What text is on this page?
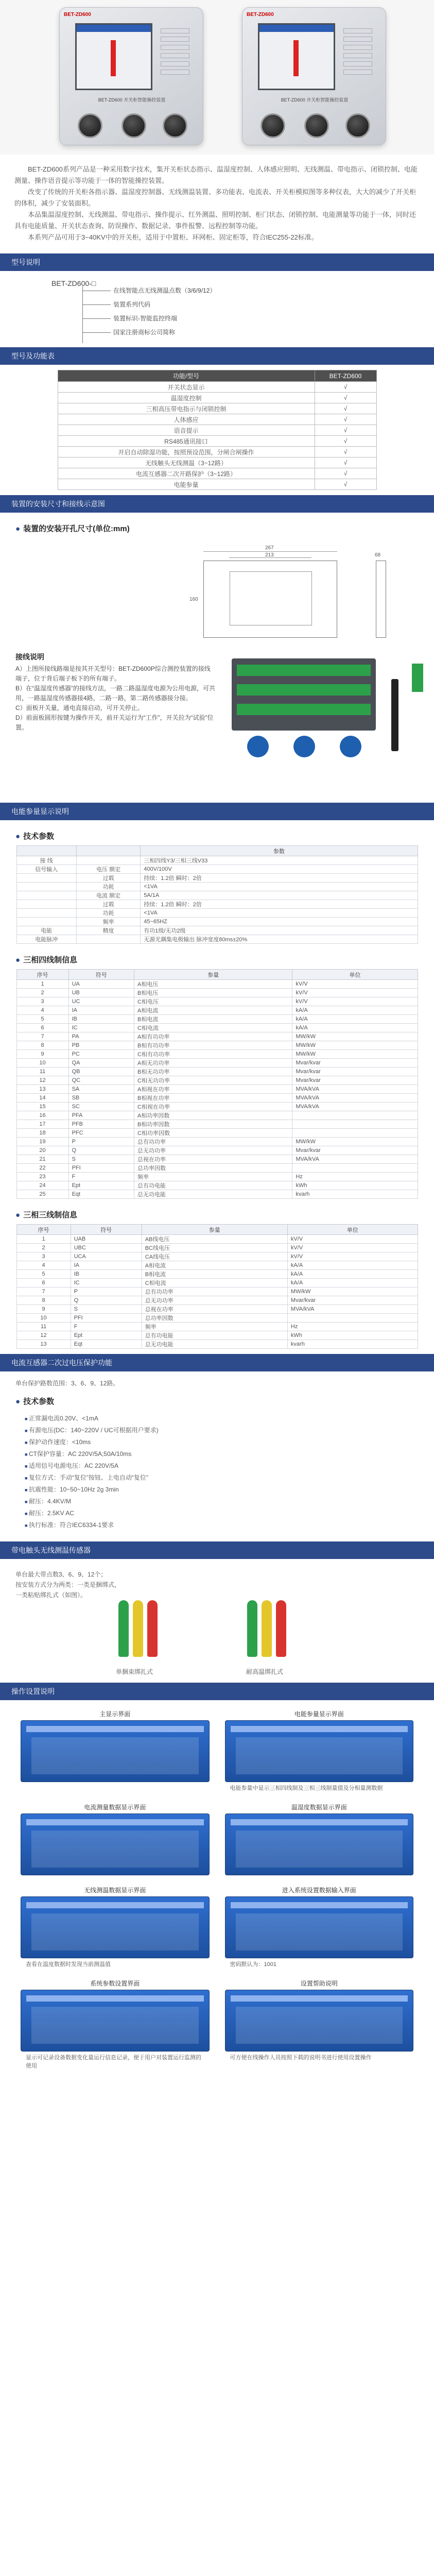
BET-ZD600
BET-ZD600 开关柜智能操控装置
BET-ZD600
BET-ZD600 开关柜智能操控装置

BET-ZD600系列产品是一种采用数字技术，集开关柜状态指示、温湿度控制、人体感应照明、无线测温、带电指示、闭锁控制、电能测量、操作语音提示等功能于一体的智能操控装置。

改变了传统的开关柜各指示器、温湿度控制器、无线测温装置、多功能表、电流表、开关柜模拟图等多种仪表，大大的减少了开关柜的体积，减少了安装面积。

本品集温湿度控制、无线测温、带电指示、操作提示、红外测温、照明控制、柜门状态、闭锁控制、电能测量等功能于一体，同时还具有电能质量、开关状态查询、防误操作、数据记录、事件报警、远程控制等功能。

本系列产品可用于3~40KV中的开关柜，适用于中置柜、环网柜、固定柜等，符合IEC255-22标准。

型号说明
BET-ZD600-□
在线智能点无线测温点数（3/6/9/12）
装置系列代码
装置标识-智能监控终端
国家注册商标公司简称
型号及功能表
功能/型号	BET-ZD600
开关状态显示	√
温湿度控制	√
三相高压带电指示与闭锁控制	√
人体感应	√
语音提示	√
RS485通讯接口	√
开启自动除湿功能，按照预设范围，分闸合闸操作	√
无线触头无线测温（3~12路）	√
电流互感器二次开路保护（3~12路）	√
电能参量	√
装置的安装尺寸和接线示意图
● 装置的安装开孔尺寸(单位:mm)
267
213
160
68
接线说明
A）上图所接线路端是按其开关型号：BET-ZD600P综合测控装置的接线端子，位于背后端子板下的所有端子。
B）在“温湿度传感器”的接线方法，一路二路温湿度电源为公用电源，可共用，一路温湿度传感器接4路，二路一路，第二路传感器接分接。
C）面板开关量，通电直接启动，可开关停止。
D）前面板圆形按键为操作开关，前开关运行为“工作”，开关拉为“试验”位置。
电能参量显示说明
● 技术参数
		参数
接 线		三相四线Y3/三相三线V33
信号输入	电压 额定	400V/100V
	过载	持续：1.2倍 瞬时：2倍
	功耗	<1VA
	电流 额定	5A/1A
	过载	持续：1.2倍 瞬时：2倍
	功耗	<1VA
	频率	45~65HZ
电能	精度	有功1级/无功2级
电能脉冲		无源光耦集电极输出 脉冲宽度80ms±20%
● 三相四线制信息
序号	符号	参量	单位
1	UA	A相电压	kV/V
2	UB	B相电压	kV/V
3	UC	C相电压	kV/V
4	IA	A相电流	kA/A
5	IB	B相电流	kA/A
6	IC	C相电流	kA/A
7	PA	A相有功功率	MW/kW
8	PB	B相有功功率	MW/kW
9	PC	C相有功功率	MW/kW
10	QA	A相无功功率	Mvar/kvar
11	QB	B相无功功率	Mvar/kvar
12	QC	C相无功功率	Mvar/kvar
13	SA	A相视在功率	MVA/kVA
14	SB	B相视在功率	MVA/kVA
15	SC	C相视在功率	MVA/kVA
16	PFA	A相功率因数	
17	PFB	B相功率因数	
18	PFC	C相功率因数	
19	P	总有功功率	MW/kW
20	Q	总无功功率	Mvar/kvar
21	S	总视在功率	MVA/kVA
22	PFI	总功率因数	
23	F	频率	Hz
24	Ept	总有功电能	kWh
25	Eqt	总无功电能	kvarh
● 三相三线制信息
序号	符号	参量	单位
1	UAB	AB线电压	kV/V
2	UBC	BC线电压	kV/V
3	UCA	CA线电压	kV/V
4	IA	A相电流	kA/A
5	IB	B相电流	kA/A
6	IC	C相电流	kA/A
7	P	总有功功率	MW/kW
8	Q	总无功功率	Mvar/kvar
9	S	总视在功率	MVA/kVA
10	PFI	总功率因数	
11	F	频率	Hz
12	Ept	总有功电能	kWh
13	Eqt	总无功电能	kvarh
电流互感器二次过电压保护功能
单台保护路数范围：3、6、9、12路。
● 技术参数
■ 正常漏电流0.20V、<1mA
■ 有源电压(DC：140~220V / UC可根据用户要求)
■ 保护动作速度：<10ms
■ CT保护容量：AC 220V/5A;50A/10ms
■ 适用信号电源电压：AC 220V/5A
■ 复位方式：手动“复位”按钮、上电自动“复位”
■ 抗震性能：10~50~10Hz 2g 3min
■ 耐压：4.4KV/M
■ 耐压：2.5KV AC
■ 执行标准：符合IEC6334-1要求
带电触头无线测温传感器
单台最大带点数3、6、9、12个；
按安装方式分为两类：一类是捆绑式，
一类粘贴绑扎式（如图）。
单捆束绑扎式	耐高温绑扎式
操作设置说明
主显示界面	电能参量显示界面
电能参量中显示三相四线制及三相三线制量值及分相量测数据
电流测量数据显示界面	温湿度数据显示界面
无线测温数据显示界面
查看在温度数据时发现当前测温值
进入系统设置数据输入界面
密码默认为：1001
系统参数设置界面
显示可记录设备数据变化量运行信息记录，便于用户对装置运行监测的使用
设置帮助说明
可方便在线操作人员按照下载的说明书进行使用设置操作
